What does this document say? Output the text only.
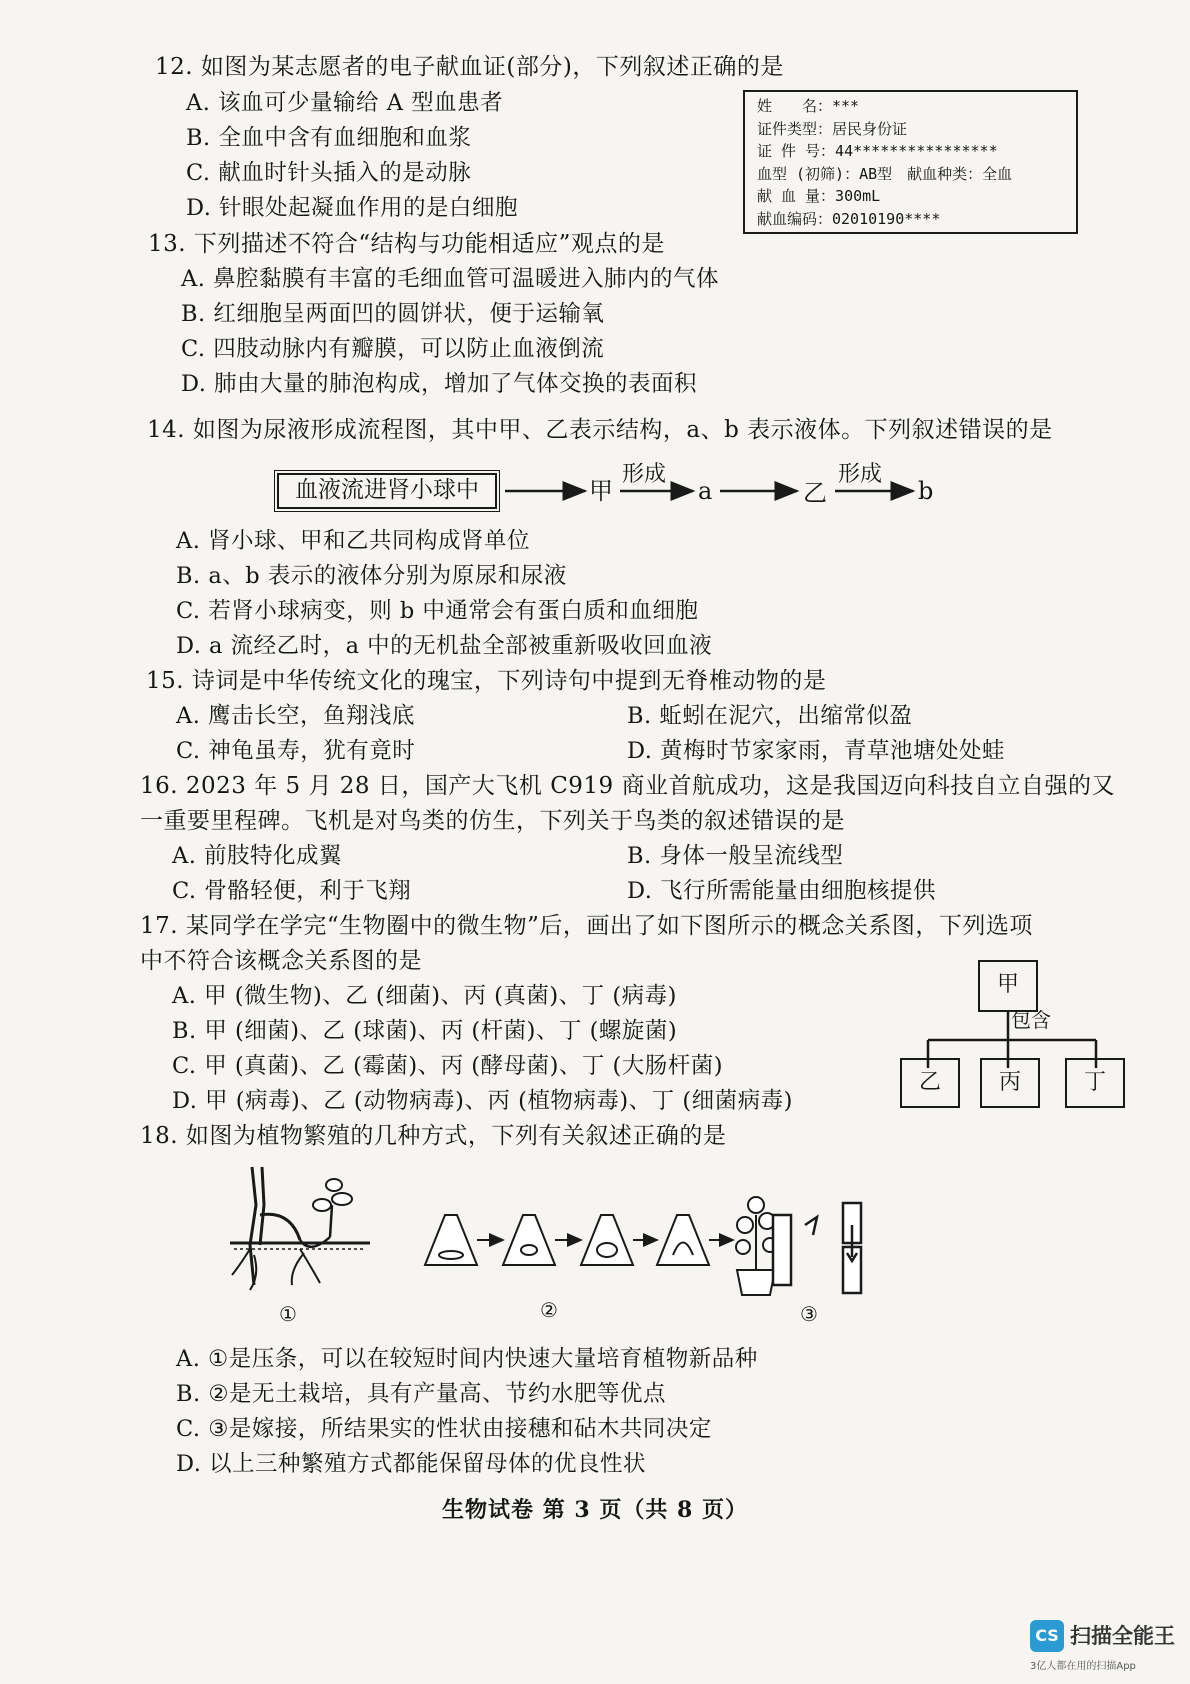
12. 如图为某志愿者的电子献血证(部分)，下列叙述正确的是
A. 该血可少量输给 A 型血患者
B. 全血中含有血细胞和血浆
C. 献血时针头插入的是动脉
D. 针眼处起凝血作用的是白细胞
姓　　名：***
证件类型：居民身份证
证 件 号：44****************
血型 (初筛)：AB型　献血种类：全血
献 血 量：300mL
献血编码：02010190****
13. 下列描述不符合“结构与功能相适应”观点的是
A. 鼻腔黏膜有丰富的毛细血管可温暖进入肺内的气体
B. 红细胞呈两面凹的圆饼状，便于运输氧
C. 四肢动脉内有瓣膜，可以防止血液倒流
D. 肺由大量的肺泡构成，增加了气体交换的表面积
14. 如图为尿液形成流程图，其中甲、乙表示结构，a、b 表示液体。下列叙述错误的是
血液流进肾小球中	甲
形成
a	乙
形成
b
A. 肾小球、甲和乙共同构成肾单位
B. a、b 表示的液体分别为原尿和尿液
C. 若肾小球病变，则 b 中通常会有蛋白质和血细胞
D. a 流经乙时，a 中的无机盐全部被重新吸收回血液
15. 诗词是中华传统文化的瑰宝，下列诗句中提到无脊椎动物的是
A. 鹰击长空，鱼翔浅底	B. 蚯蚓在泥穴，出缩常似盈
C. 神龟虽寿，犹有竟时	D. 黄梅时节家家雨，青草池塘处处蛙
16. 2023 年 5 月 28 日，国产大飞机 C919 商业首航成功，这是我国迈向科技自立自强的又
一重要里程碑。飞机是对鸟类的仿生，下列关于鸟类的叙述错误的是
A. 前肢特化成翼	B. 身体一般呈流线型
C. 骨骼轻便，利于飞翔	D. 飞行所需能量由细胞核提供
17. 某同学在学完“生物圈中的微生物”后，画出了如下图所示的概念关系图，下列选项
中不符合该概念关系图的是
A. 甲 (微生物)、乙 (细菌)、丙 (真菌)、丁 (病毒)
B. 甲 (细菌)、乙 (球菌)、丙 (杆菌)、丁 (螺旋菌)
C. 甲 (真菌)、乙 (霉菌)、丙 (酵母菌)、丁 (大肠杆菌)
D. 甲 (病毒)、乙 (动物病毒)、丙 (植物病毒)、丁 (细菌病毒)
甲
包含
乙	丙	丁
18. 如图为植物繁殖的几种方式，下列有关叙述正确的是
①	②	③
A. ①是压条，可以在较短时间内快速大量培育植物新品种
B. ②是无土栽培，具有产量高、节约水肥等优点
C. ③是嫁接，所结果实的性状由接穗和砧木共同决定
D. 以上三种繁殖方式都能保留母体的优良性状
生物试卷 第 3 页（共 8 页）
CS 扫描全能王
3亿人都在用的扫描App
